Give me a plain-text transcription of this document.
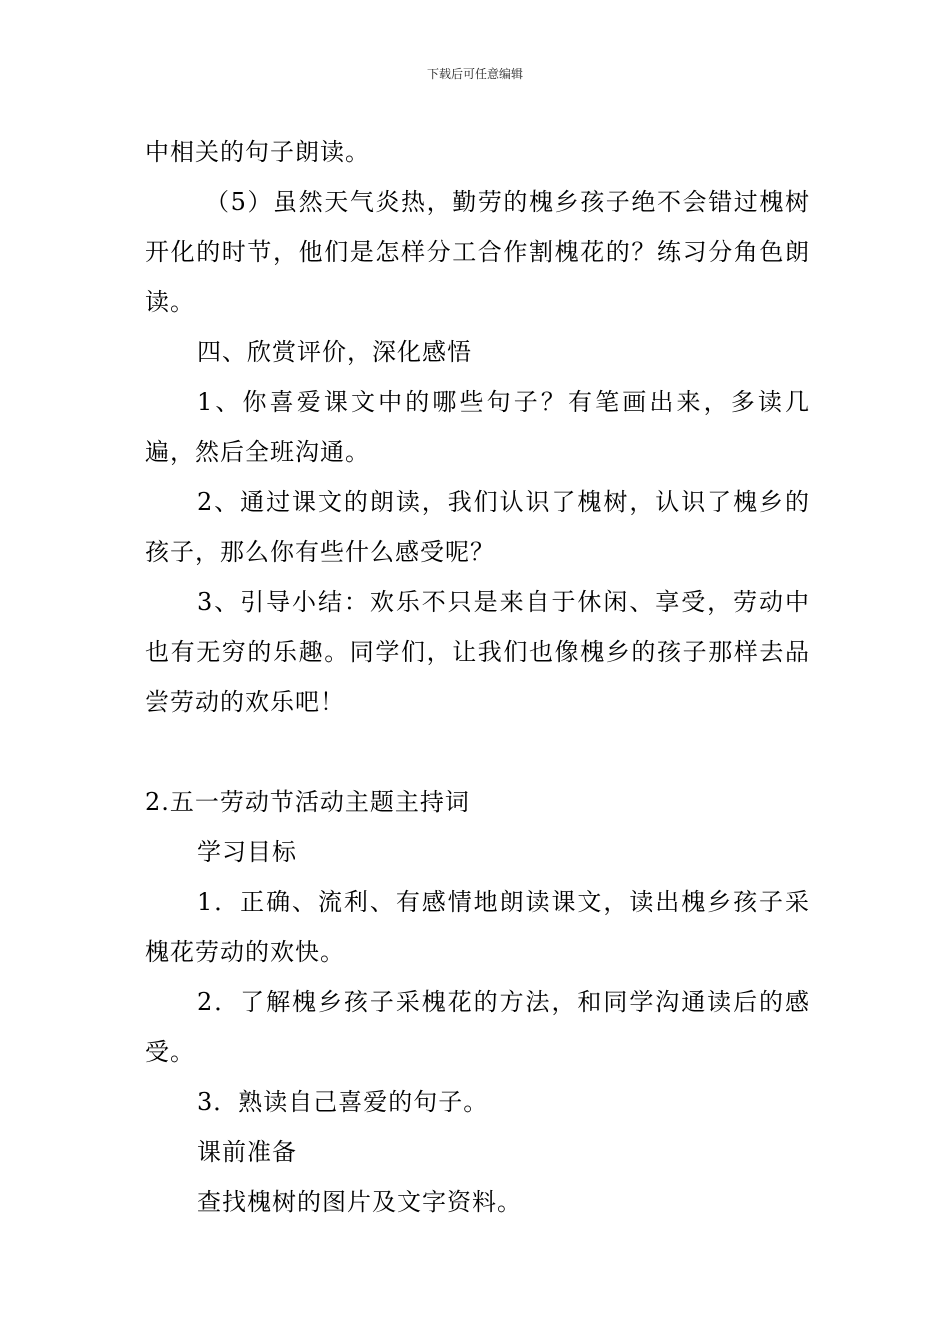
下载后可任意编辑

中相关的句子朗读。

（5）虽然天气炎热，勤劳的槐乡孩子绝不会错过槐树开化的时节，他们是怎样分工合作割槐花的？练习分角色朗读。

四、欣赏评价，深化感悟

1、你喜爱课文中的哪些句子？有笔画出来，多读几遍，然后全班沟通。

2、通过课文的朗读，我们认识了槐树，认识了槐乡的孩子，那么你有些什么感受呢？

3、引导小结：欢乐不只是来自于休闲、享受，劳动中也有无穷的乐趣。同学们，让我们也像槐乡的孩子那样去品尝劳动的欢乐吧！

2.五一劳动节活动主题主持词

学习目标

1．正确、流利、有感情地朗读课文，读出槐乡孩子采槐花劳动的欢快。

2．了解槐乡孩子采槐花的方法，和同学沟通读后的感受。

3．熟读自己喜爱的句子。

课前准备

查找槐树的图片及文字资料。
